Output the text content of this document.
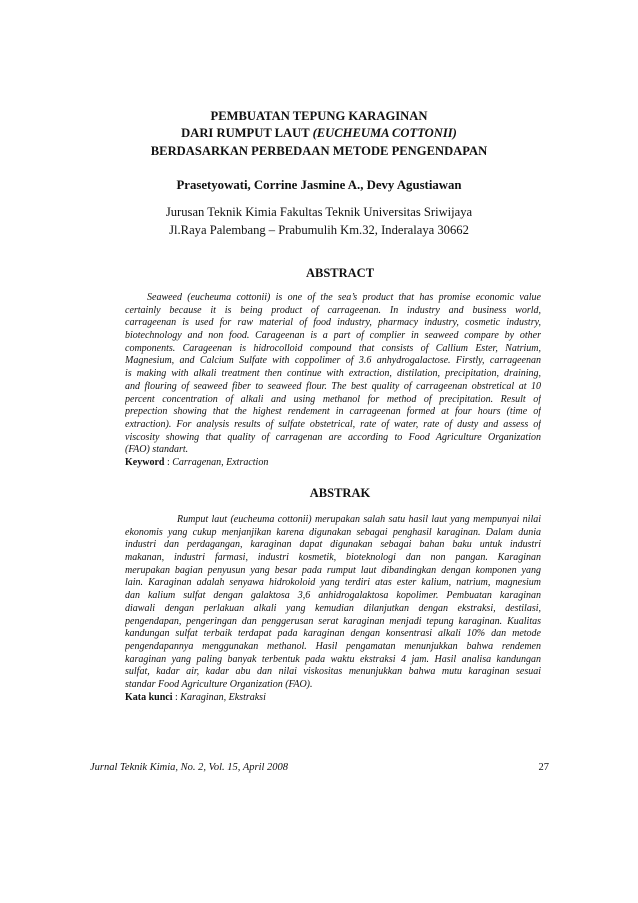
PEMBUATAN TEPUNG KARAGINAN
DARI RUMPUT LAUT (EUCHEUMA COTTONII)
BERDASARKAN PERBEDAAN METODE PENGENDAPAN
Prasetyowati, Corrine Jasmine A., Devy Agustiawan
Jurusan Teknik Kimia Fakultas Teknik Universitas Sriwijaya
Jl.Raya Palembang – Prabumulih Km.32, Inderalaya 30662
ABSTRACT
Seaweed (eucheuma cottonii) is one of the sea’s product that has promise economic value
certainly because it is being product of carrageenan. In industry and business world,
carrageenan is used for raw material of food industry, pharmacy industry, cosmetic industry,
biotechnology and non food. Carageenan is a part of complier in seaweed compare by other
components. Carageenan is hidrocolloid compound that consists of Callium Ester, Natrium,
Magnesium, and Calcium Sulfate with coppolimer of 3.6 anhydrogalactose. Firstly, carrageenan
is making with alkali treatment then continue with extraction, distilation, precipitation, draining,
and flouring of seaweed fiber to seaweed flour. The best quality of carrageenan obstretical at 10
percent concentration of alkali and using methanol for method of precipitation. Result of
prepection showing that the highest rendement in carrageenan formed at four hours (time of
extraction). For analysis results of sulfate obstetrical, rate of water, rate of dusty and assess of
viscosity showing that quality of carragenan are according to Food Agriculture Organization
(FAO) standart.
Keyword : Carragenan, Extraction
ABSTRAK
Rumput laut (eucheuma cottonii) merupakan salah satu hasil laut yang mempunyai nilai
ekonomis yang cukup menjanjikan karena digunakan sebagai penghasil karaginan. Dalam dunia
industri dan perdagangan, karaginan dapat digunakan sebagai bahan baku untuk industri
makanan, industri farmasi, industri kosmetik, bioteknologi dan non pangan. Karaginan
merupakan bagian penyusun yang besar pada rumput laut dibandingkan dengan komponen yang
lain. Karaginan adalah senyawa hidrokoloid yang terdiri atas ester kalium, natrium, magnesium
dan kalium sulfat dengan galaktosa 3,6 anhidrogalaktosa kopolimer. Pembuatan karaginan
diawali dengan perlakuan alkali yang kemudian dilanjutkan dengan ekstraksi, destilasi,
pengendapan, pengeringan dan penggerusan serat karaginan menjadi tepung karaginan. Kualitas
kandungan sulfat terbaik terdapat pada karaginan dengan konsentrasi alkali 10% dan metode
pengendapannya menggunakan methanol. Hasil pengamatan menunjukkan bahwa rendemen
karaginan yang paling banyak terbentuk pada waktu ekstraksi 4 jam. Hasil analisa kandungan
sulfat, kadar air, kadar abu dan nilai viskositas menunjukkan bahwa mutu karaginan sesuai
standar Food Agriculture Organization (FAO).
Kata kunci : Karaginan, Ekstraksi
Jurnal Teknik Kimia, No. 2, Vol. 15, April 2008	27
